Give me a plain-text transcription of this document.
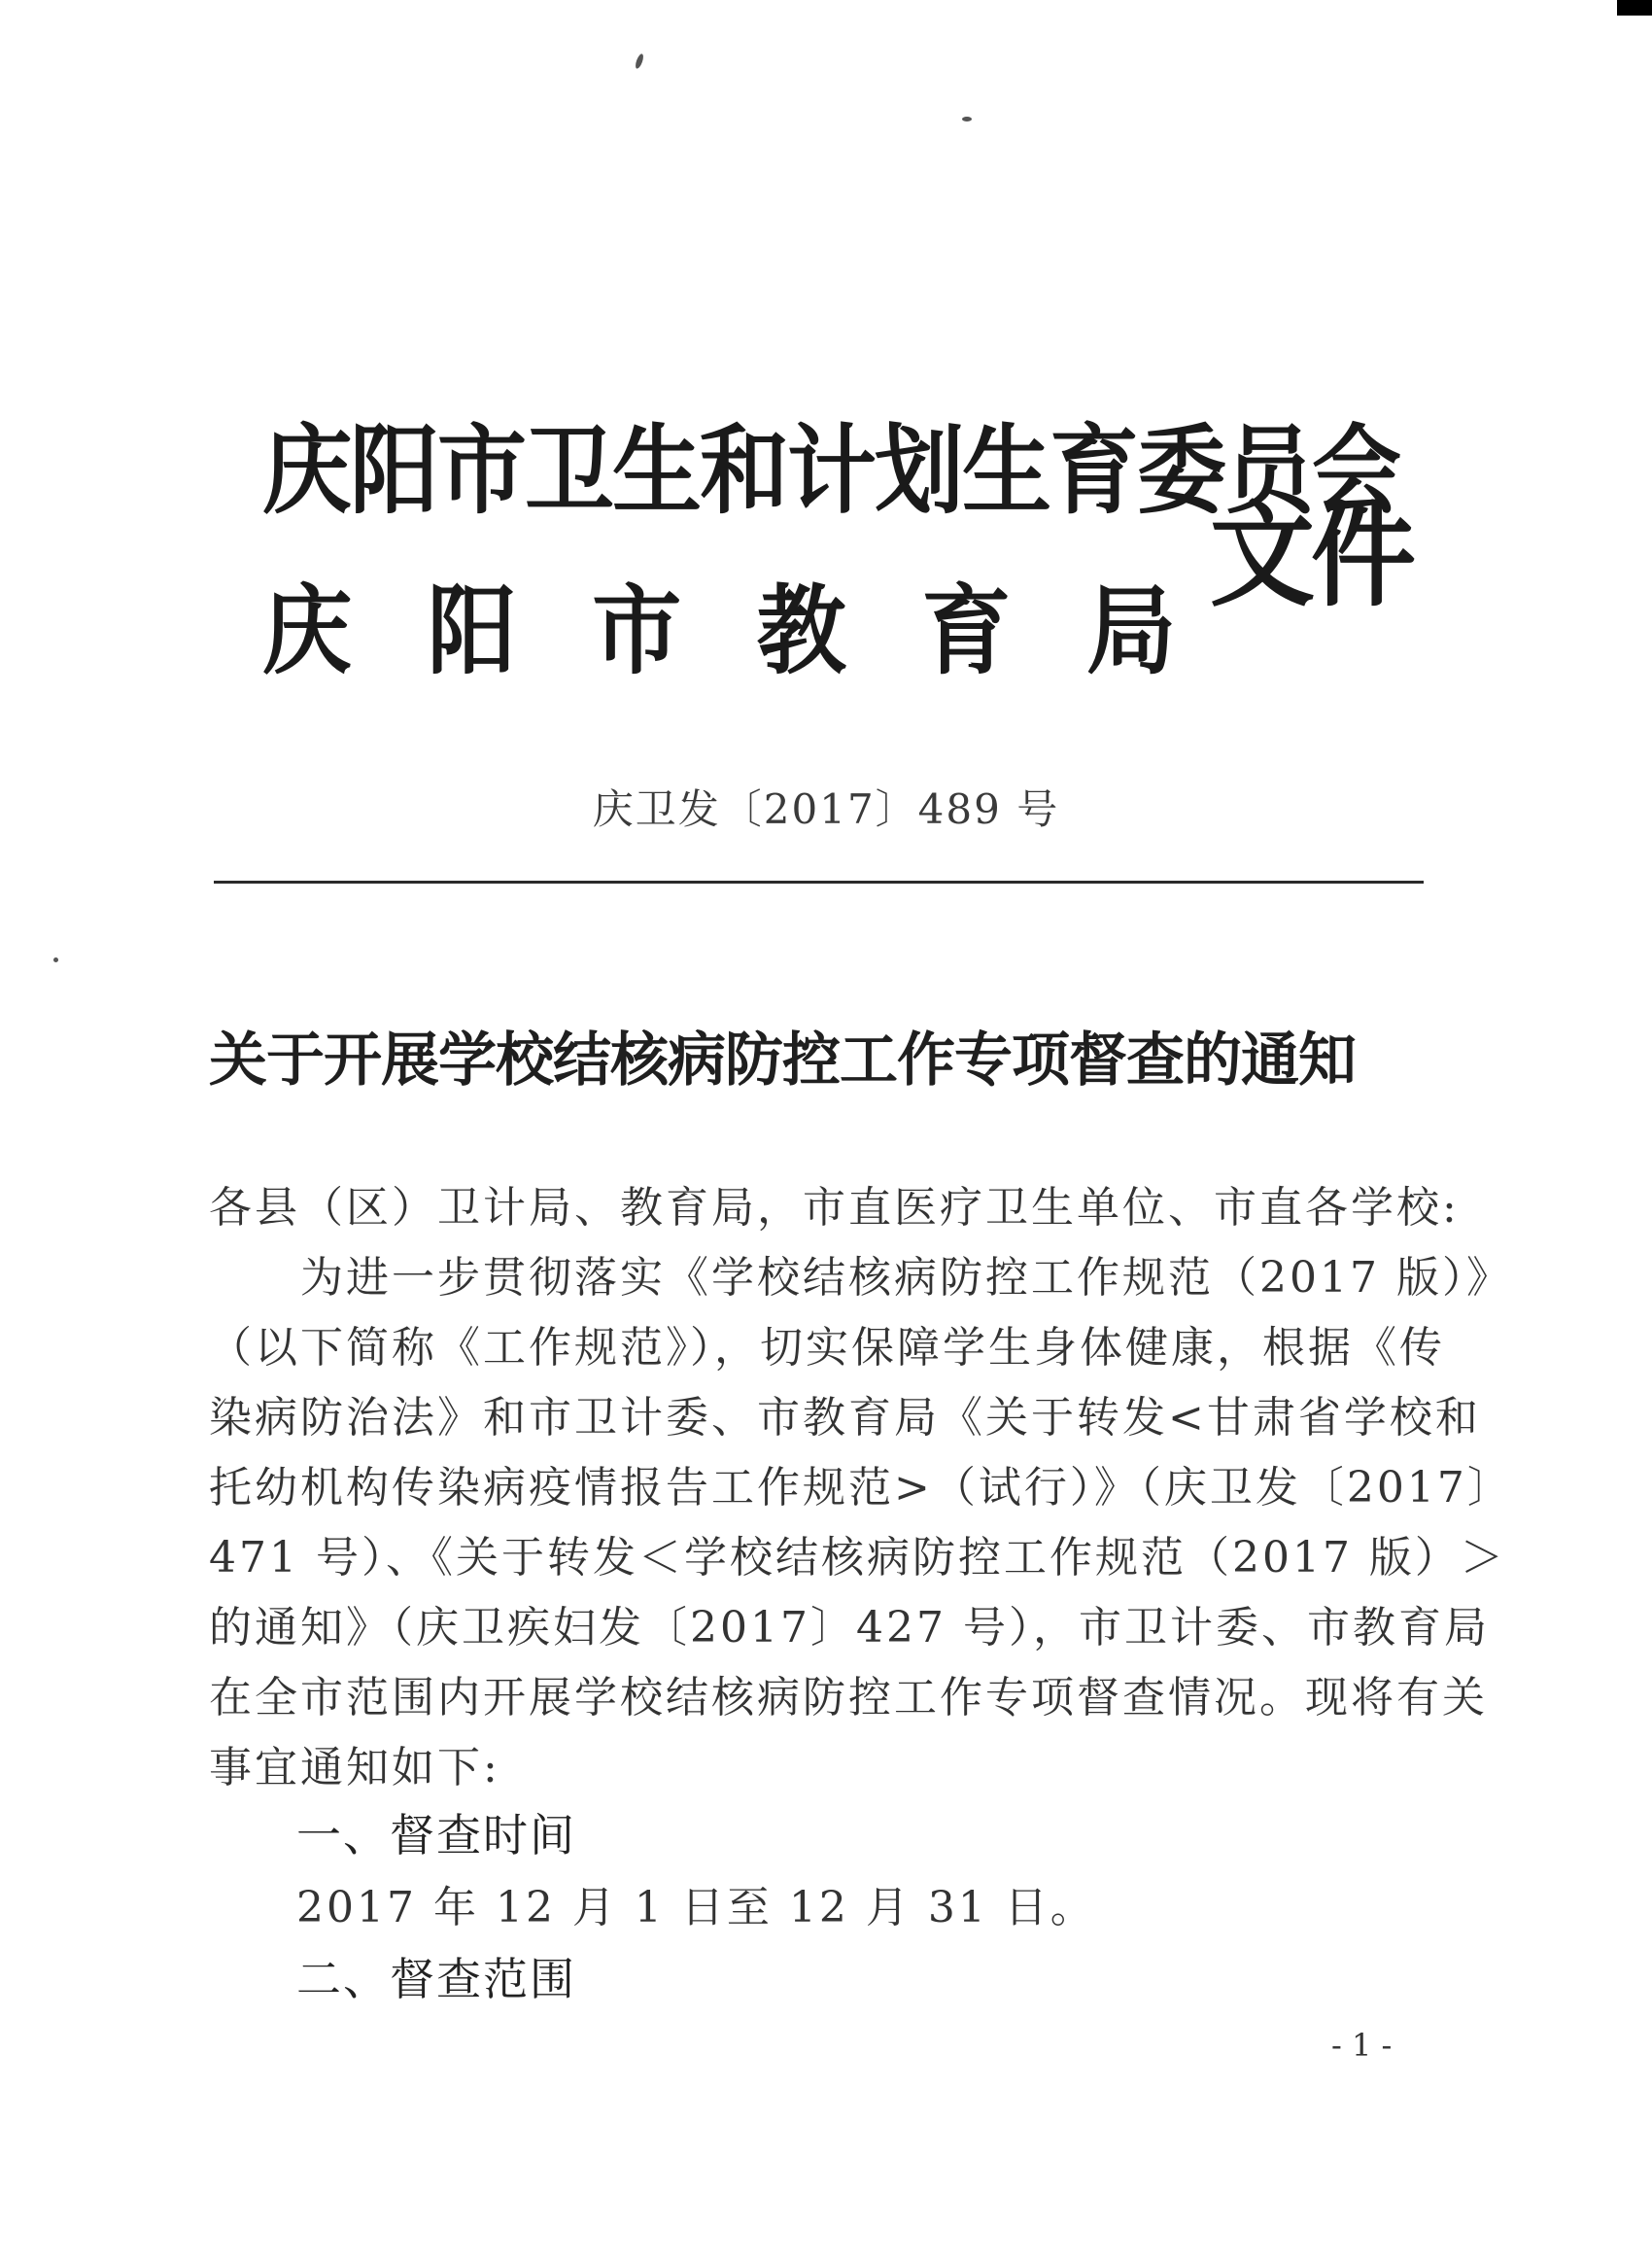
庆阳市卫生和计划生育委员会
庆 阳 市 教 育 局
文件
庆卫发〔2017〕489 号
关于开展学校结核病防控工作专项督查的通知
各县（区）卫计局、教育局，市直医疗卫生单位、市直各学校:
　　为进一步贯彻落实《学校结核病防控工作规范（2017 版）》
（以下简称《工作规范》），切实保障学生身体健康，根据《传
染病防治法》和市卫计委、市教育局《关于转发<甘肃省学校和
托幼机构传染病疫情报告工作规范>（试行）》（庆卫发〔2017〕
471 号）、《关于转发＜学校结核病防控工作规范（2017 版）＞
的通知》（庆卫疾妇发〔2017〕427 号），市卫计委、市教育局
在全市范围内开展学校结核病防控工作专项督查情况。现将有关
事宜通知如下:
一、督查时间
2017 年 12 月 1 日至 12 月 31 日。
二、督查范围
- 1 -
